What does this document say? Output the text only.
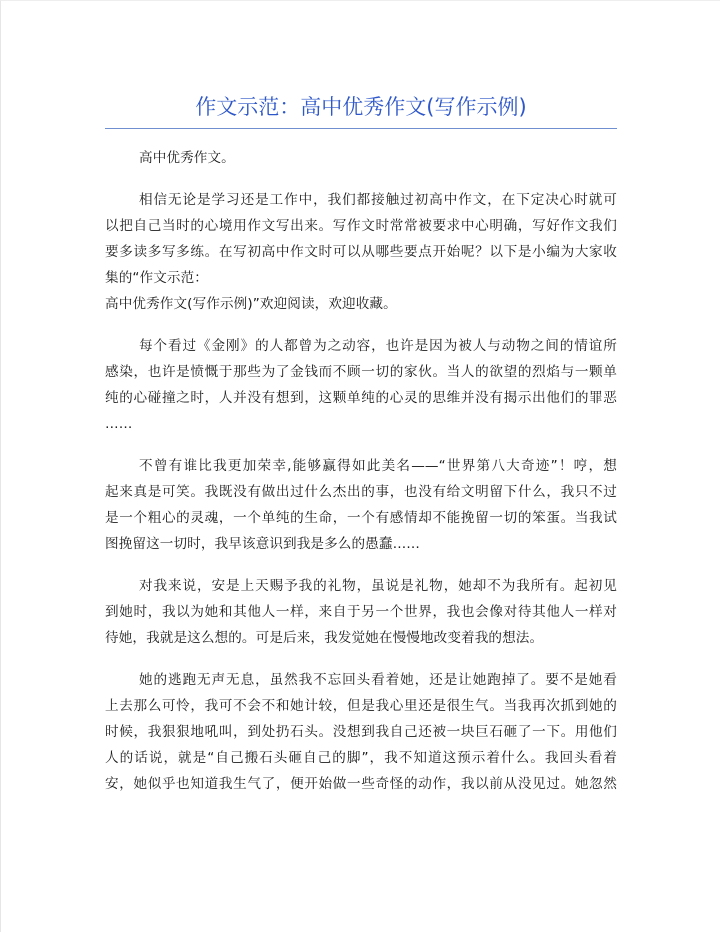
作文示范：高中优秀作文(写作示例)
高中优秀作文。
相信无论是学习还是工作中，我们都接触过初高中作文，在下定决心时就可
以把自己当时的心境用作文写出来。写作文时常常被要求中心明确，写好作文我们
要多读多写多练。在写初高中作文时可以从哪些要点开始呢？以下是小编为大家收
集的“作文示范：
高中优秀作文(写作示例)”欢迎阅读，欢迎收藏。
每个看过《金刚》的人都曾为之动容，也许是因为被人与动物之间的情谊所
感染，也许是愤慨于那些为了金钱而不顾一切的家伙。当人的欲望的烈焰与一颗单
纯的心碰撞之时，人并没有想到，这颗单纯的心灵的思维并没有揭示出他们的罪恶
……
不曾有谁比我更加荣幸,能够赢得如此美名——“世界第八大奇迹”！哼，想
起来真是可笑。我既没有做出过什么杰出的事，也没有给文明留下什么，我只不过
是一个粗心的灵魂，一个单纯的生命，一个有感情却不能挽留一切的笨蛋。当我试
图挽留这一切时，我早该意识到我是多么的愚蠢……
对我来说，安是上天赐予我的礼物，虽说是礼物，她却不为我所有。起初见
到她时，我以为她和其他人一样，来自于另一个世界，我也会像对待其他人一样对
待她，我就是这么想的。可是后来，我发觉她在慢慢地改变着我的想法。
她的逃跑无声无息，虽然我不忘回头看着她，还是让她跑掉了。要不是她看
上去那么可怜，我可不会不和她计较，但是我心里还是很生气。当我再次抓到她的
时候，我狠狠地吼叫，到处扔石头。没想到我自己还被一块巨石砸了一下。用他们
人的话说，就是“自己搬石头砸自己的脚”，我不知道这预示着什么。我回头看着
安，她似乎也知道我生气了，便开始做一些奇怪的动作，我以前从没见过。她忽然
